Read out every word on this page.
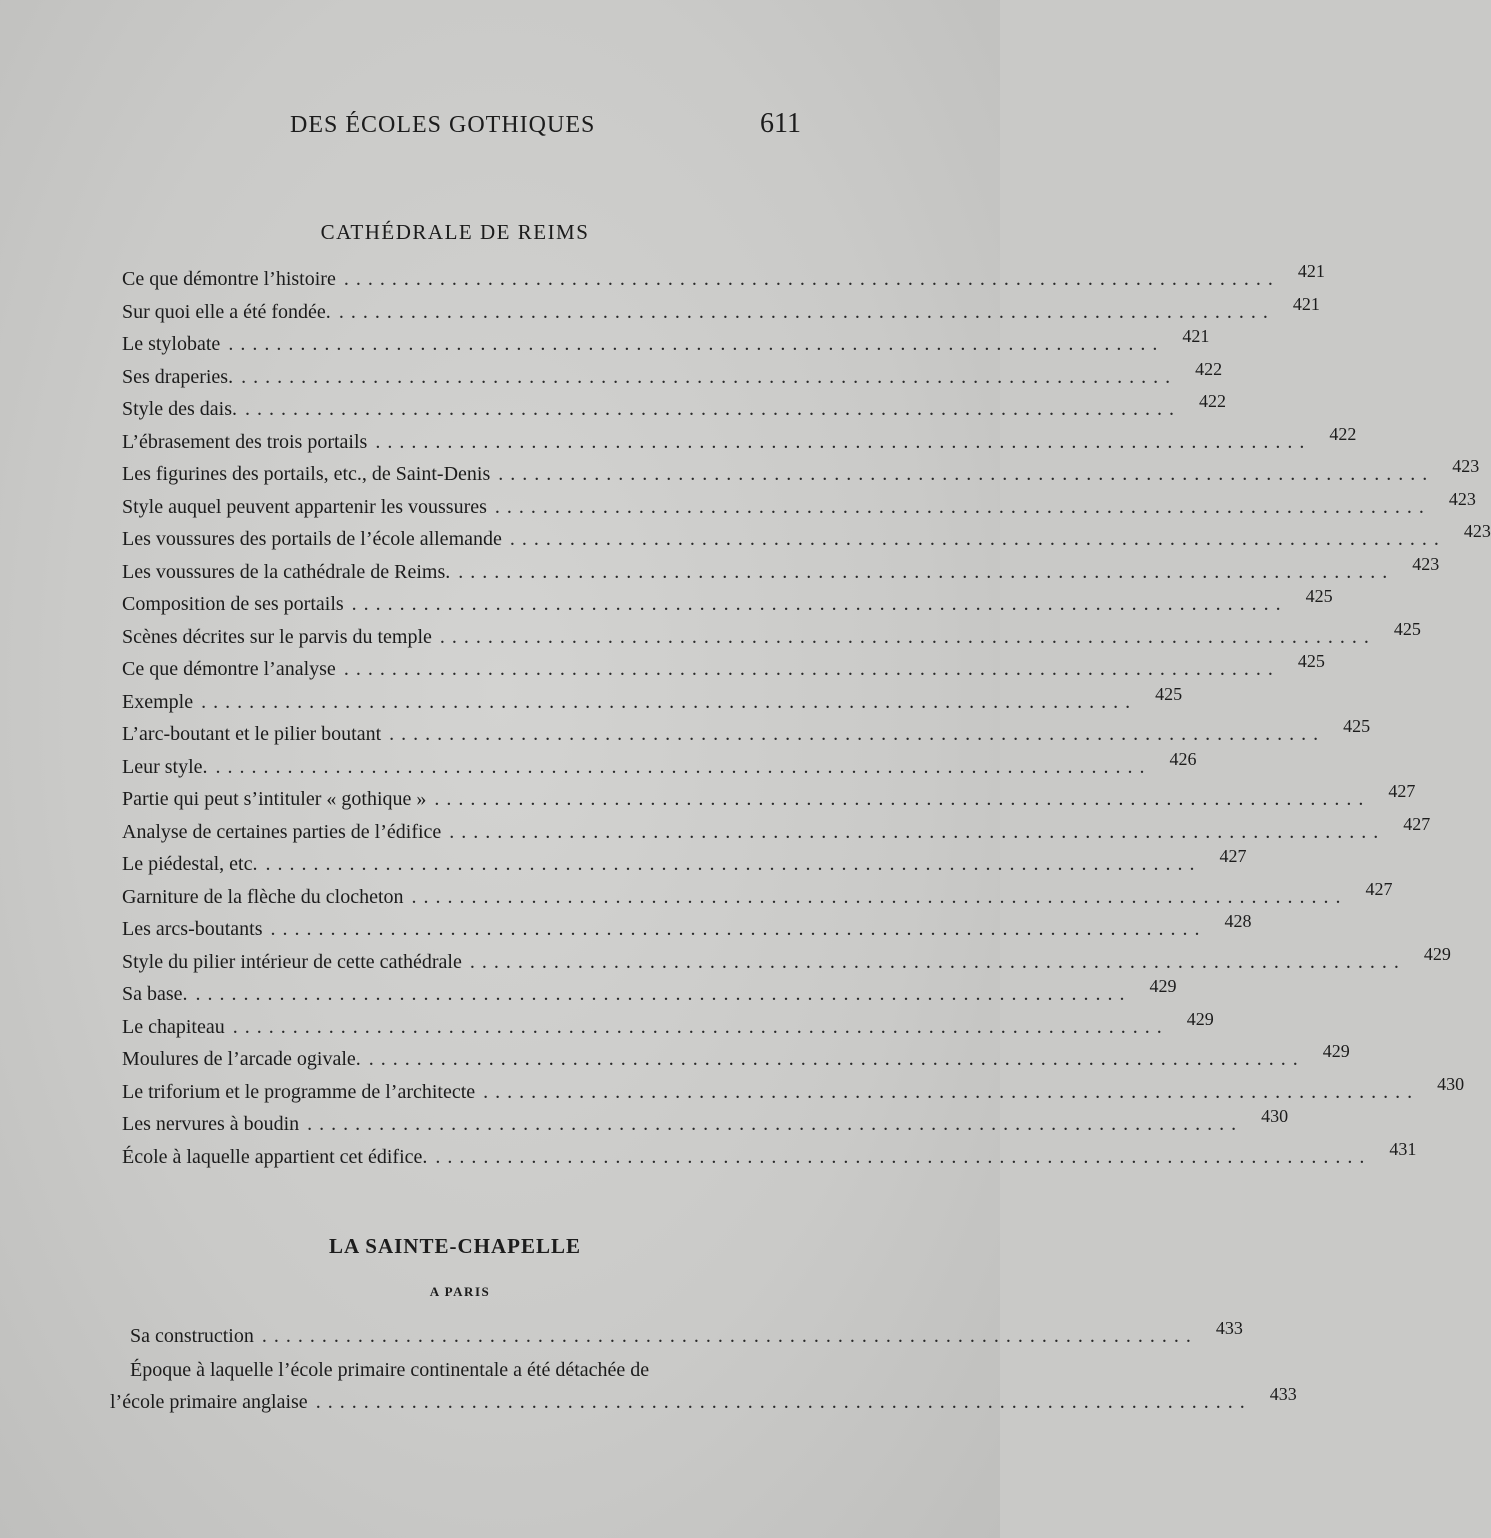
DES ÉCOLES GOTHIQUES	611
CATHÉDRALE DE REIMS
Ce que démontre l’histoire .............................................................................. 421
Sur quoi elle a été fondée. .............................................................................. 421
Le stylobate .............................................................................. 421
Ses draperies. .............................................................................. 422
Style des dais. .............................................................................. 422
L’ébrasement des trois portails .............................................................................. 422
Les figurines des portails, etc., de Saint-Denis .............................................................................. 423
Style auquel peuvent appartenir les voussures .............................................................................. 423
Les voussures des portails de l’école allemande .............................................................................. 423
Les voussures de la cathédrale de Reims. .............................................................................. 423
Composition de ses portails .............................................................................. 425
Scènes décrites sur le parvis du temple .............................................................................. 425
Ce que démontre l’analyse .............................................................................. 425
Exemple .............................................................................. 425
L’arc-boutant et le pilier boutant .............................................................................. 425
Leur style. .............................................................................. 426
Partie qui peut s’intituler « gothique » .............................................................................. 427
Analyse de certaines parties de l’édifice .............................................................................. 427
Le piédestal, etc. .............................................................................. 427
Garniture de la flèche du clocheton .............................................................................. 427
Les arcs-boutants .............................................................................. 428
Style du pilier intérieur de cette cathédrale .............................................................................. 429
Sa base. .............................................................................. 429
Le chapiteau .............................................................................. 429
Moulures de l’arcade ogivale. .............................................................................. 429
Le triforium et le programme de l’architecte .............................................................................. 430
Les nervures à boudin .............................................................................. 430
École à laquelle appartient cet édifice. .............................................................................. 431
LA SAINTE-CHAPELLE
A PARIS
Sa construction .............................................................................. 433
Époque à laquelle l’école primaire continentale a été détachée de
l’école primaire anglaise .............................................................................. 433
